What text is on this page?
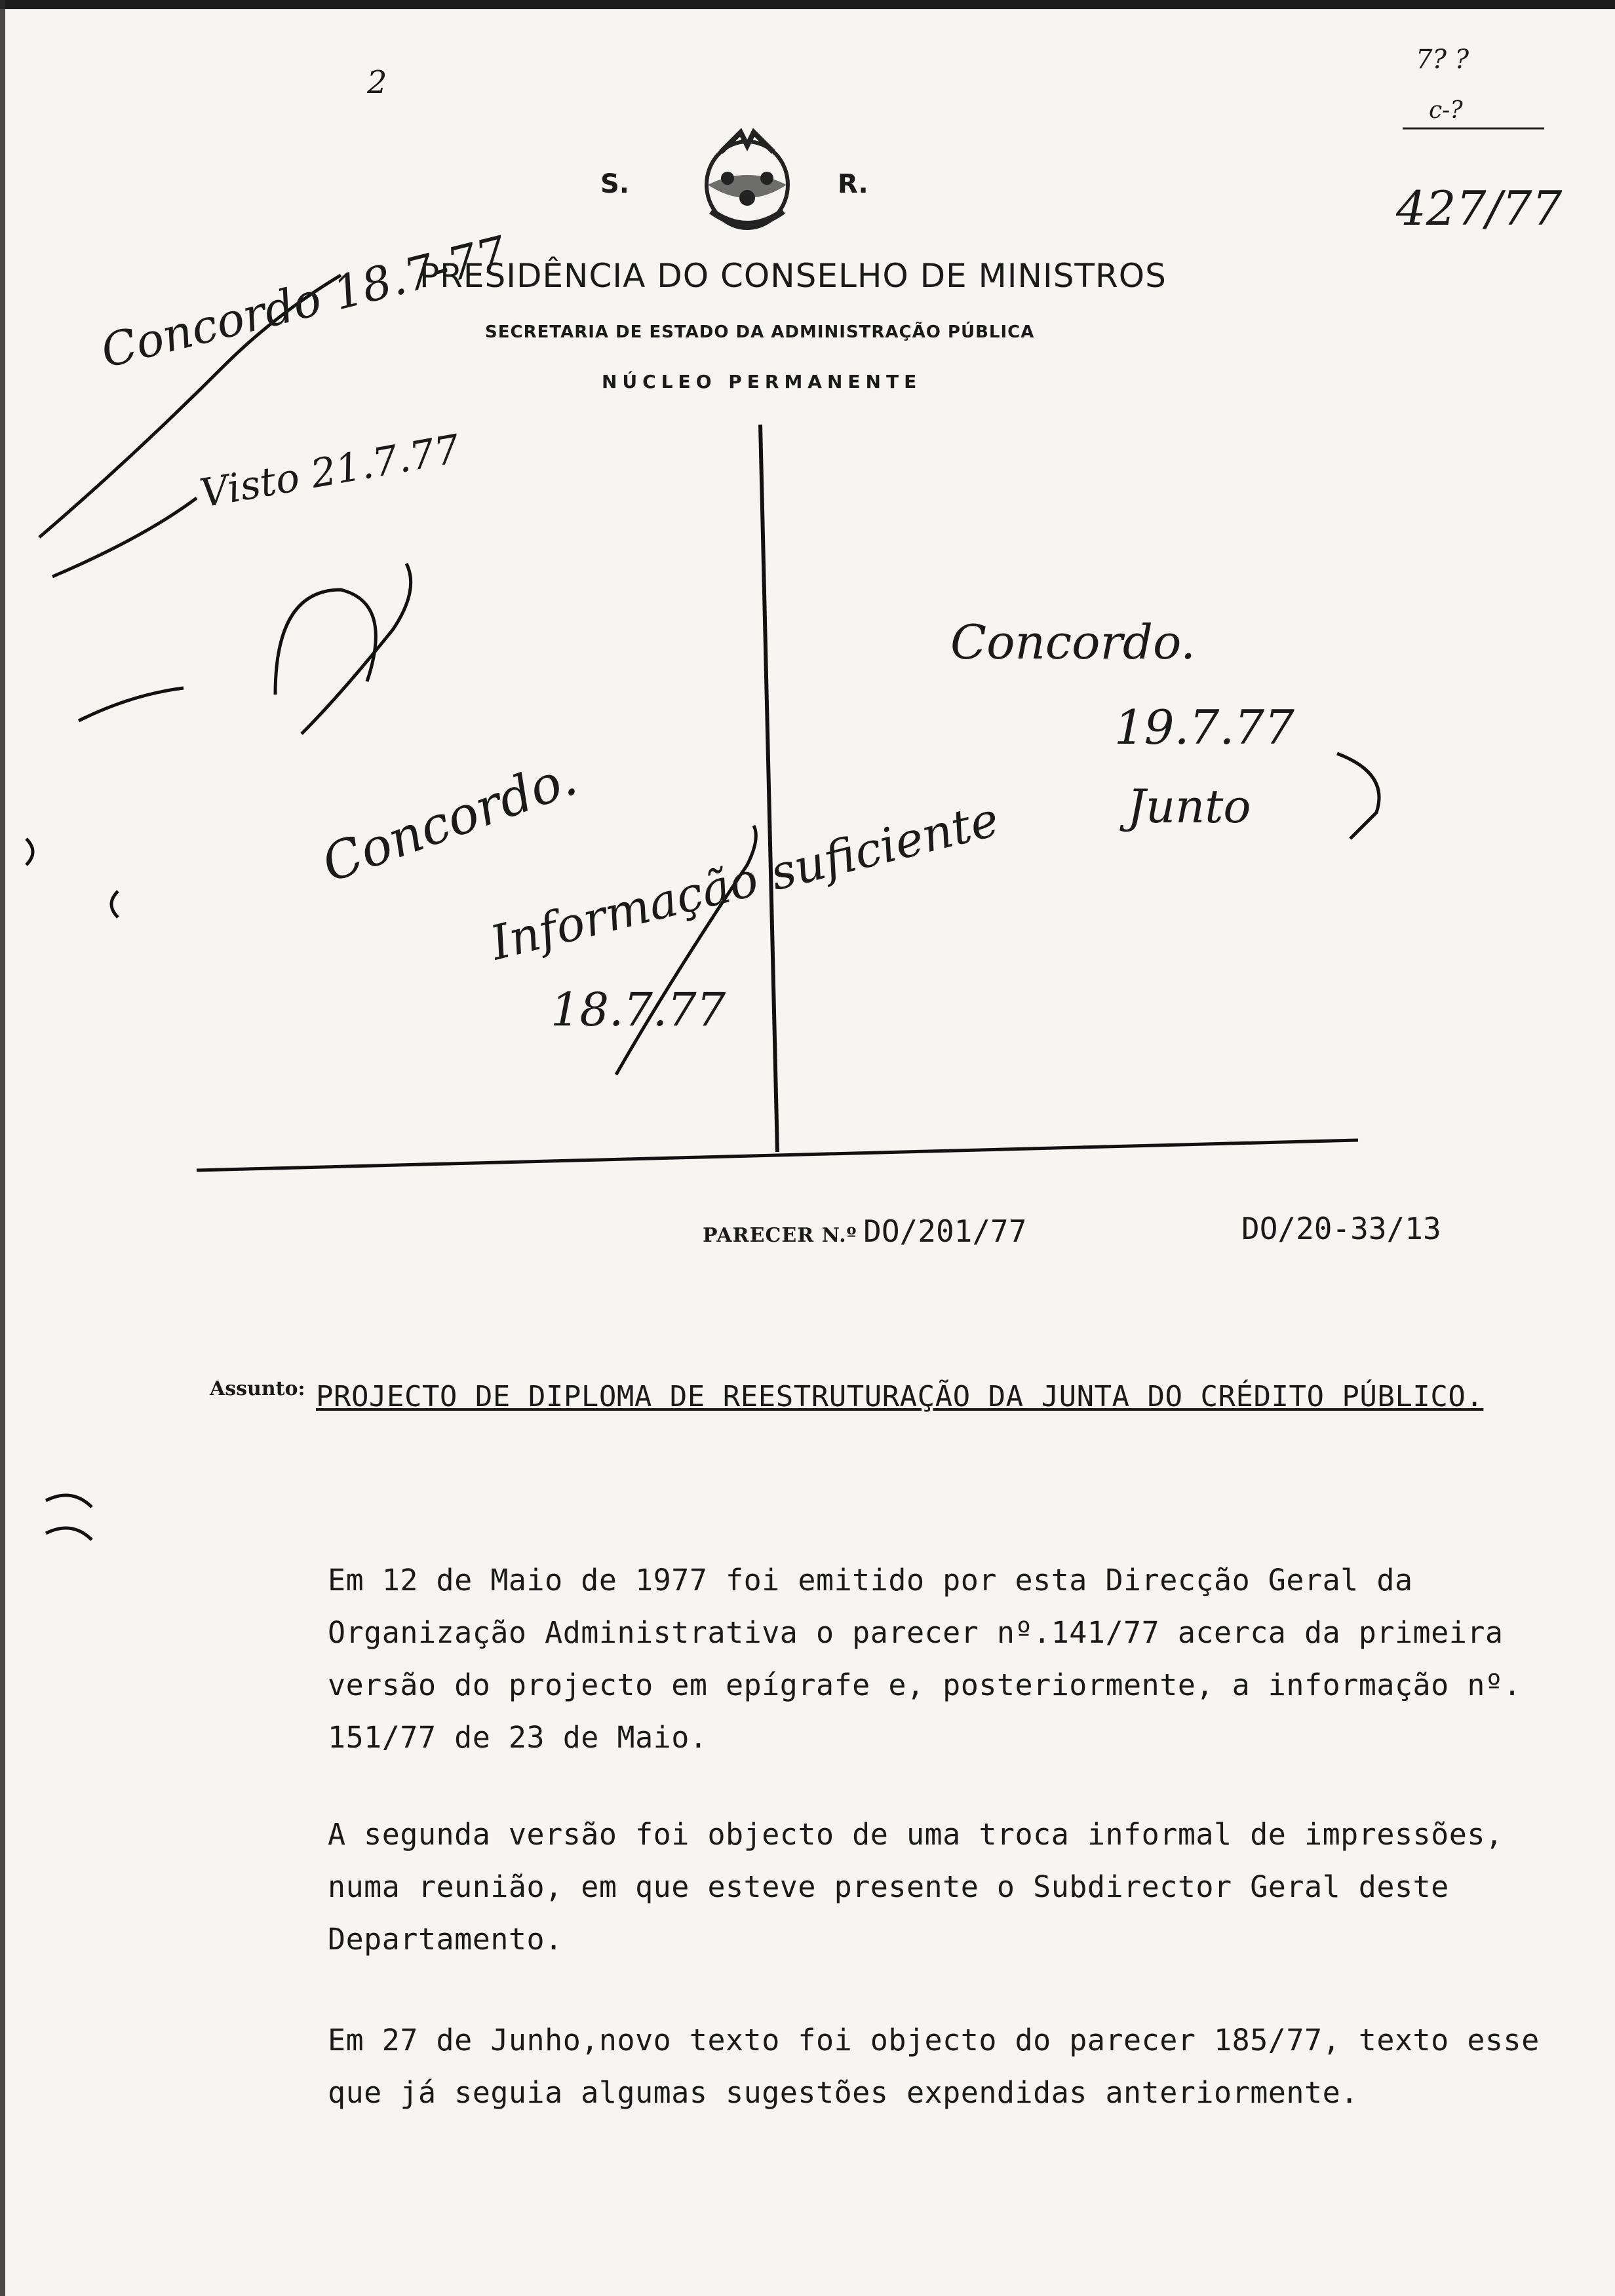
2
7? ?
c-?
427/77
S.	R.
PRESIDÊNCIA DO CONSELHO DE MINISTROS
SECRETARIA DE ESTADO DA ADMINISTRAÇÃO PÚBLICA
NÚCLEO PERMANENTE
Concordo 18.7-77
Visto 21.7.77
Concordo.
19.7.77
Junto
Concordo.
Informação suficiente
18.7.77
PARECER N.º DO/201/77	DO/20-33/13
Assunto: PROJECTO DE DIPLOMA DE REESTRUTURAÇÃO DA JUNTA DO CRÉDITO PÚBLICO.
Em 12 de Maio de 1977 foi emitido por esta Direcção Geral da Organização Administrativa o parecer nº.141/77 acerca da primeira versão do projecto em epígrafe e, posteriormente, a informação nº. 151/77 de 23 de Maio.
A segunda versão foi objecto de uma troca informal de impressões, numa reunião, em que esteve presente o Subdirector Geral deste Departamento.
Em 27 de Junho,novo texto foi objecto do parecer 185/77, texto esse que já seguia algumas sugestões expendidas anteriormente.
